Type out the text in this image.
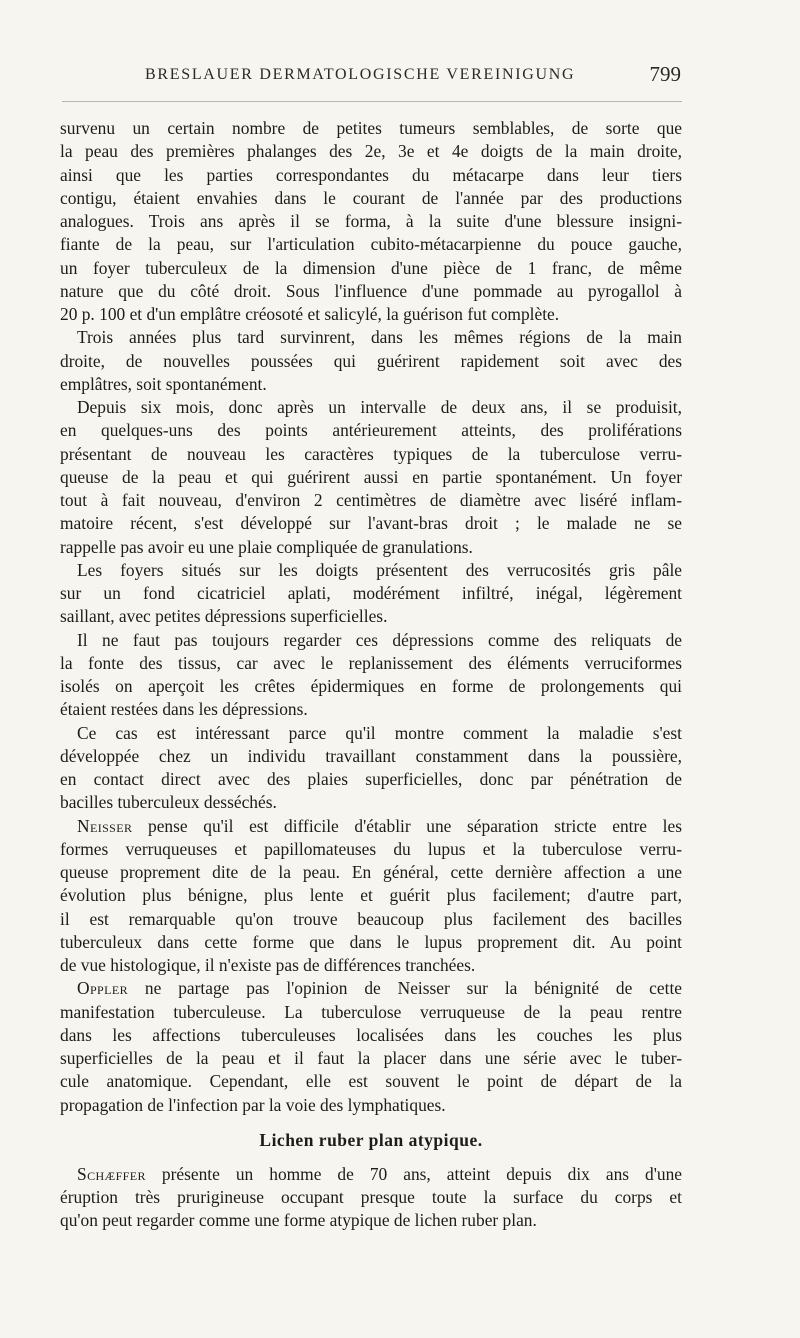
BRESLAUER DERMATOLOGISCHE VEREINIGUNG	799
survenu un certain nombre de petites tumeurs semblables, de sorte que
la peau des premières phalanges des 2e, 3e et 4e doigts de la main droite,
ainsi que les parties correspondantes du métacarpe dans leur tiers
contigu, étaient envahies dans le courant de l'année par des productions
analogues. Trois ans après il se forma, à la suite d'une blessure insigni-
fiante de la peau, sur l'articulation cubito-métacarpienne du pouce gauche,
un foyer tuberculeux de la dimension d'une pièce de 1 franc, de même
nature que du côté droit. Sous l'influence d'une pommade au pyrogallol à
20 p. 100 et d'un emplâtre créosoté et salicylé, la guérison fut complète.
Trois années plus tard survinrent, dans les mêmes régions de la main
droite, de nouvelles poussées qui guérirent rapidement soit avec des
emplâtres, soit spontanément.
Depuis six mois, donc après un intervalle de deux ans, il se produisit,
en quelques-uns des points antérieurement atteints, des proliférations
présentant de nouveau les caractères typiques de la tuberculose verru-
queuse de la peau et qui guérirent aussi en partie spontanément. Un foyer
tout à fait nouveau, d'environ 2 centimètres de diamètre avec liséré inflam-
matoire récent, s'est développé sur l'avant-bras droit ; le malade ne se
rappelle pas avoir eu une plaie compliquée de granulations.
Les foyers situés sur les doigts présentent des verrucosités gris pâle
sur un fond cicatriciel aplati, modérément infiltré, inégal, légèrement
saillant, avec petites dépressions superficielles.
Il ne faut pas toujours regarder ces dépressions comme des reliquats de
la fonte des tissus, car avec le replanissement des éléments verruciformes
isolés on aperçoit les crêtes épidermiques en forme de prolongements qui
étaient restées dans les dépressions.
Ce cas est intéressant parce qu'il montre comment la maladie s'est
développée chez un individu travaillant constamment dans la poussière,
en contact direct avec des plaies superficielles, donc par pénétration de
bacilles tuberculeux desséchés.
Neisser pense qu'il est difficile d'établir une séparation stricte entre les
formes verruqueuses et papillomateuses du lupus et la tuberculose verru-
queuse proprement dite de la peau. En général, cette dernière affection a une
évolution plus bénigne, plus lente et guérit plus facilement; d'autre part,
il est remarquable qu'on trouve beaucoup plus facilement des bacilles
tuberculeux dans cette forme que dans le lupus proprement dit. Au point
de vue histologique, il n'existe pas de différences tranchées.
Oppler ne partage pas l'opinion de Neisser sur la bénignité de cette
manifestation tuberculeuse. La tuberculose verruqueuse de la peau rentre
dans les affections tuberculeuses localisées dans les couches les plus
superficielles de la peau et il faut la placer dans une série avec le tuber-
cule anatomique. Cependant, elle est souvent le point de départ de la
propagation de l'infection par la voie des lymphatiques.
Lichen ruber plan atypique.
Schæffer présente un homme de 70 ans, atteint depuis dix ans d'une
éruption très prurigineuse occupant presque toute la surface du corps et
qu'on peut regarder comme une forme atypique de lichen ruber plan.
